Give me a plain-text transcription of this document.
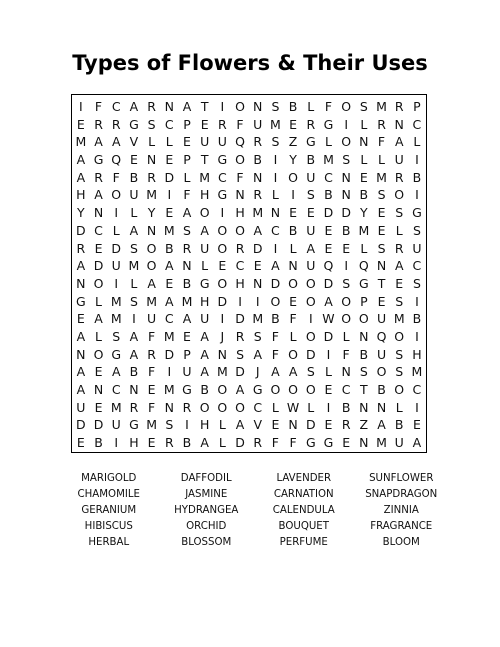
Types of Flowers & Their Uses
I F C A R N A T I O N S B L F O S M R P
E R R G S C P E R F U M E R G I L R N C
M A A V L L E U U Q R S Z G L O N F A L
A G Q E N E P T G O B I Y B M S L L U I
A R F B R D L M C F N I O U C N E M R B
H A O U M I F H G N R L I S B N B S O I
Y N I L Y E A O I H M N E E D D Y E S G
D C L A N M S A O O A C B U E B M E L S
R E D S O B R U O R D I L A E E L S R U
A D U M O A N L E C E A N U Q I Q N A C
N O I L A E B G O H N D O O D S G T E S
G L M S M A M H D I	I O E O A O P E S I
E A M I U C A U I D M B F I W O O U M B
A L S A F M E A J R S F L O D L N Q O I
N O G A R D P A N S A F O D I F B U S H
A E A B F I U A M D J A A S L N S O S M
A N C N E M G B O A G O O O E C T B O C
U E M R F N R O O O C L W L I B N N L I
D D U G M S I H L A V E N D E R Z A B E
E B I H E R B A L D R F F G G E N M U A
MARIGOLD	DAFFODIL	LAVENDER	SUNFLOWER
CHAMOMILE	JASMINE	CARNATION	SNAPDRAGON
GERANIUM	HYDRANGEA	CALENDULA	ZINNIA
HIBISCUS	ORCHID	BOUQUET	FRAGRANCE
HERBAL	BLOSSOM	PERFUME	BLOOM
